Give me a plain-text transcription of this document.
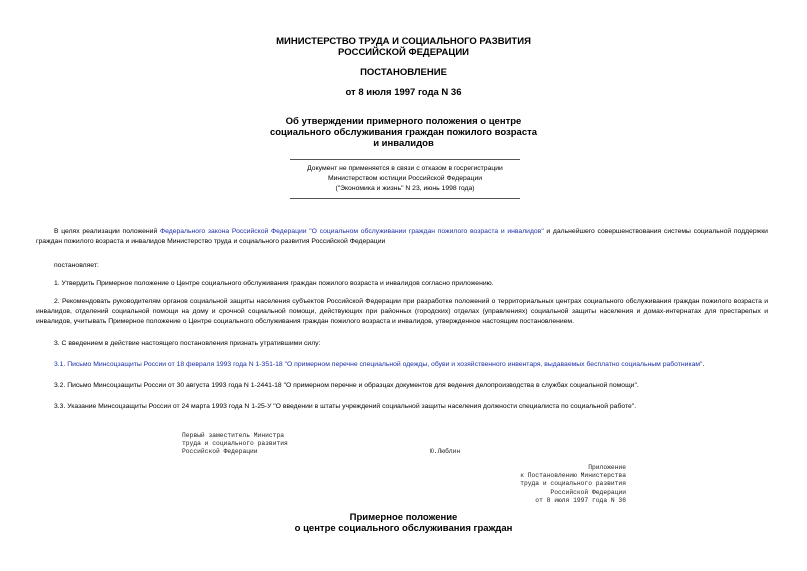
МИНИСТЕРСТВО ТРУДА И СОЦИАЛЬНОГО РАЗВИТИЯ
РОССИЙСКОЙ ФЕДЕРАЦИИ
ПОСТАНОВЛЕНИЕ
от 8 июля 1997 года N 36
Об утверждении примерного положения о центре
социального обслуживания граждан пожилого возраста
и инвалидов
Документ не применяется в связи с отказом в госрегистрации
Министерством юстиции Российской Федерации
("Экономика и жизнь" N 23, июнь 1998 года)
В целях реализации положений Федерального закона Российской Федерации "О социальном обслуживании граждан пожилого возраста и инвалидов" и дальнейшего совершенствования системы социальной поддержки граждан пожилого возраста и инвалидов Министерство труда и социального развития Российской Федерации
постановляет:
1. Утвердить Примерное положение о Центре социального обслуживания граждан пожилого возраста и инвалидов согласно приложению.
2. Рекомендовать руководителям органов социальной защиты населения субъектов Российской Федерации при разработке положений о территориальных центрах социального обслуживания граждан пожилого возраста и инвалидов, отделений социальной помощи на дому и срочной социальной помощи, действующих при районных (городских) отделах (управлениях) социальной защиты населения и домах-интернатах для престарелых и инвалидов, учитывать Примерное положение о Центре социального обслуживания граждан пожилого возраста и инвалидов, утвержденное настоящим постановлением.
3. С введением в действие настоящего постановления признать утратившими силу:
3.1. Письмо Минсоцзащиты России от 18 февраля 1993 года N 1-351-18 "О примерном перечне специальной одежды, обуви и хозяйственного инвентаря, выдаваемых бесплатно социальным работникам".
3.2. Письмо Минсоцзащиты России от 30 августа 1993 года N 1-2441-18 "О примерном перечне и образцах документов для ведения делопроизводства в службах социальной помощи".
3.3. Указание Минсоцзащиты России от 24 марта 1993 года N 1-25-У "О введении в штаты учреждений социальной защиты населения должности специалиста по социальной работе".
Первый заместитель Министра
труда и социального развития
Российской Федерации	Ю.Люблин
Приложение
к Постановлению Министерства
труда и социального развития
Российской Федерации
от 8 июля 1997 года N 36
Примерное положение
о центре социального обслуживания граждан
